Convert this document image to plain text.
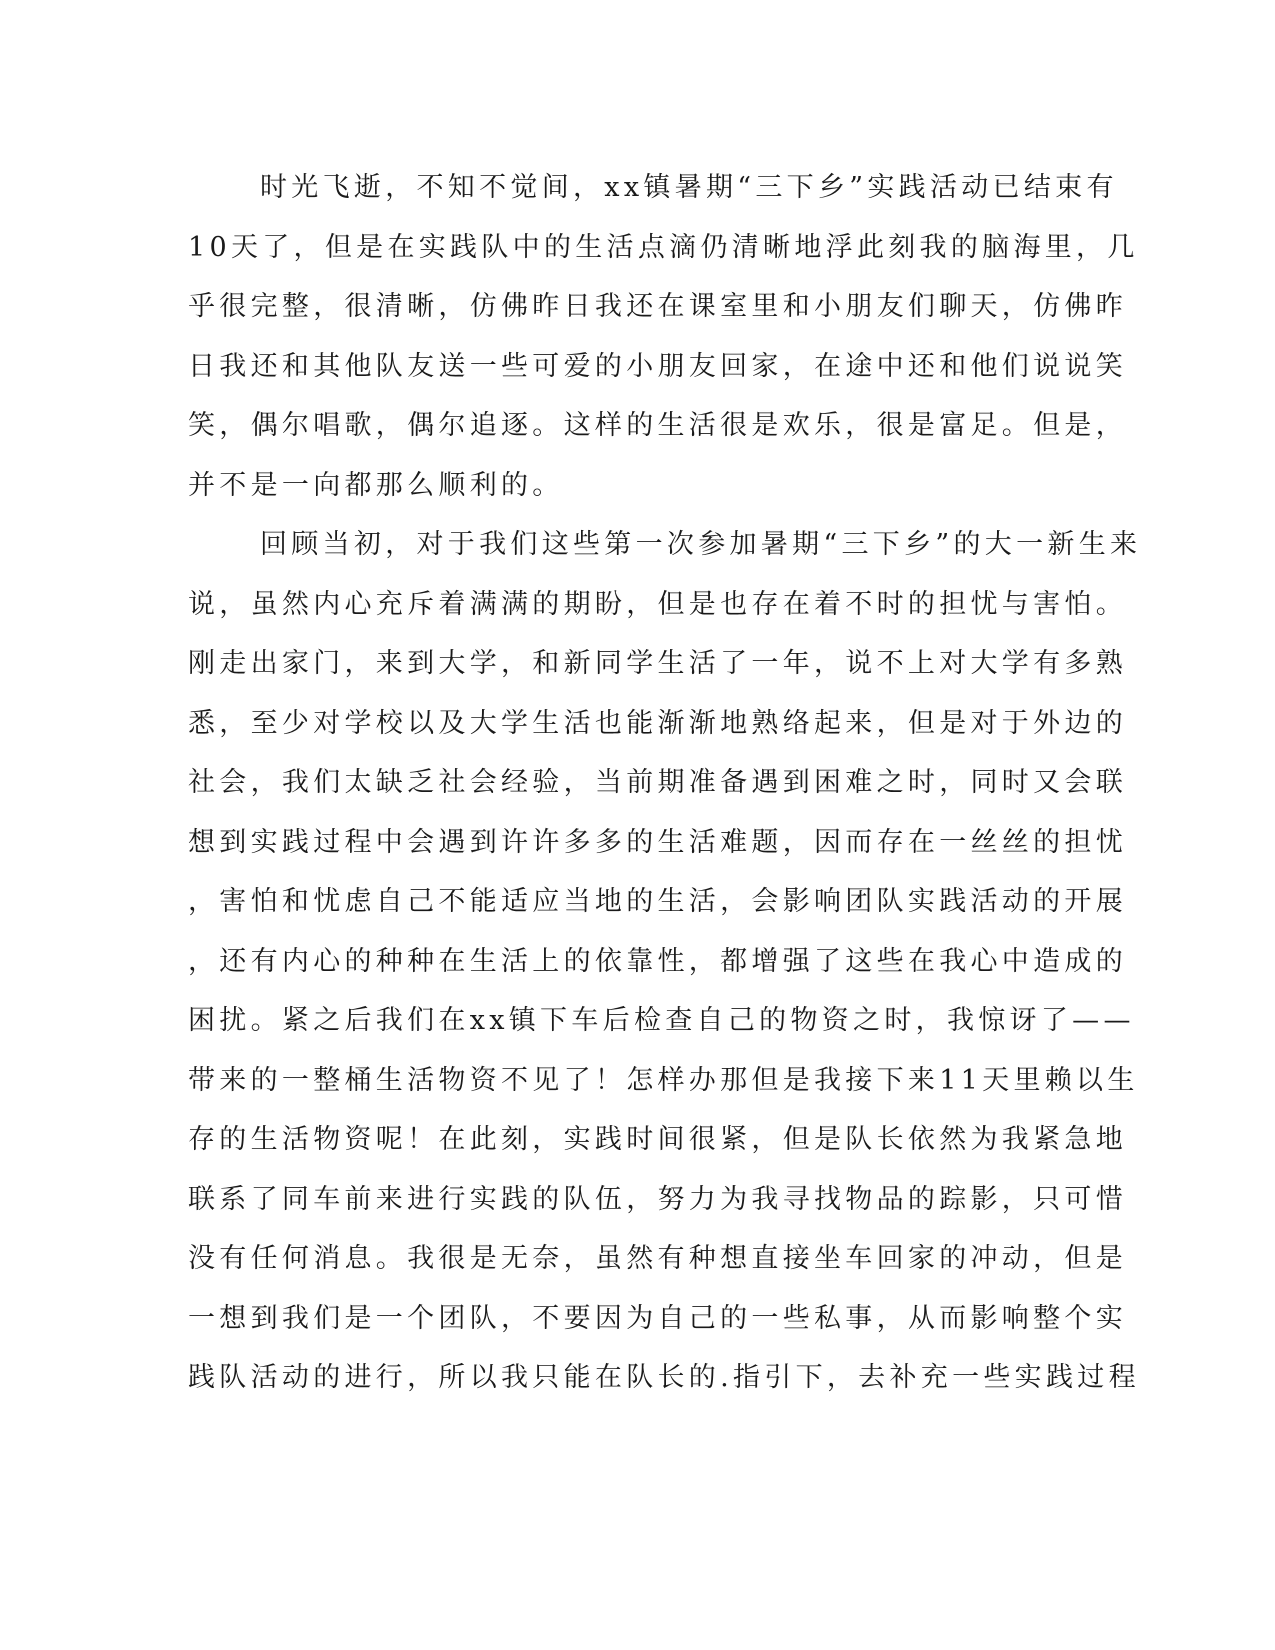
时光飞逝，不知不觉间，xx镇暑期“三下乡”实践活动已结束有
10天了，但是在实践队中的生活点滴仍清晰地浮此刻我的脑海里，几
乎很完整，很清晰，仿佛昨日我还在课室里和小朋友们聊天，仿佛昨
日我还和其他队友送一些可爱的小朋友回家，在途中还和他们说说笑
笑，偶尔唱歌，偶尔追逐。这样的生活很是欢乐，很是富足。但是，
并不是一向都那么顺利的。
回顾当初，对于我们这些第一次参加暑期“三下乡”的大一新生来
说，虽然内心充斥着满满的期盼，但是也存在着不时的担忧与害怕。
刚走出家门，来到大学，和新同学生活了一年，说不上对大学有多熟
悉，至少对学校以及大学生活也能渐渐地熟络起来，但是对于外边的
社会，我们太缺乏社会经验，当前期准备遇到困难之时，同时又会联
想到实践过程中会遇到许许多多的生活难题，因而存在一丝丝的担忧
，害怕和忧虑自己不能适应当地的生活，会影响团队实践活动的开展
，还有内心的种种在生活上的依靠性，都增强了这些在我心中造成的
困扰。紧之后我们在xx镇下车后检查自己的物资之时，我惊讶了——
带来的一整桶生活物资不见了！怎样办那但是我接下来11天里赖以生
存的生活物资呢！在此刻，实践时间很紧，但是队长依然为我紧急地
联系了同车前来进行实践的队伍，努力为我寻找物品的踪影，只可惜
没有任何消息。我很是无奈，虽然有种想直接坐车回家的冲动，但是
一想到我们是一个团队，不要因为自己的一些私事，从而影响整个实
践队活动的进行，所以我只能在队长的.指引下，去补充一些实践过程
